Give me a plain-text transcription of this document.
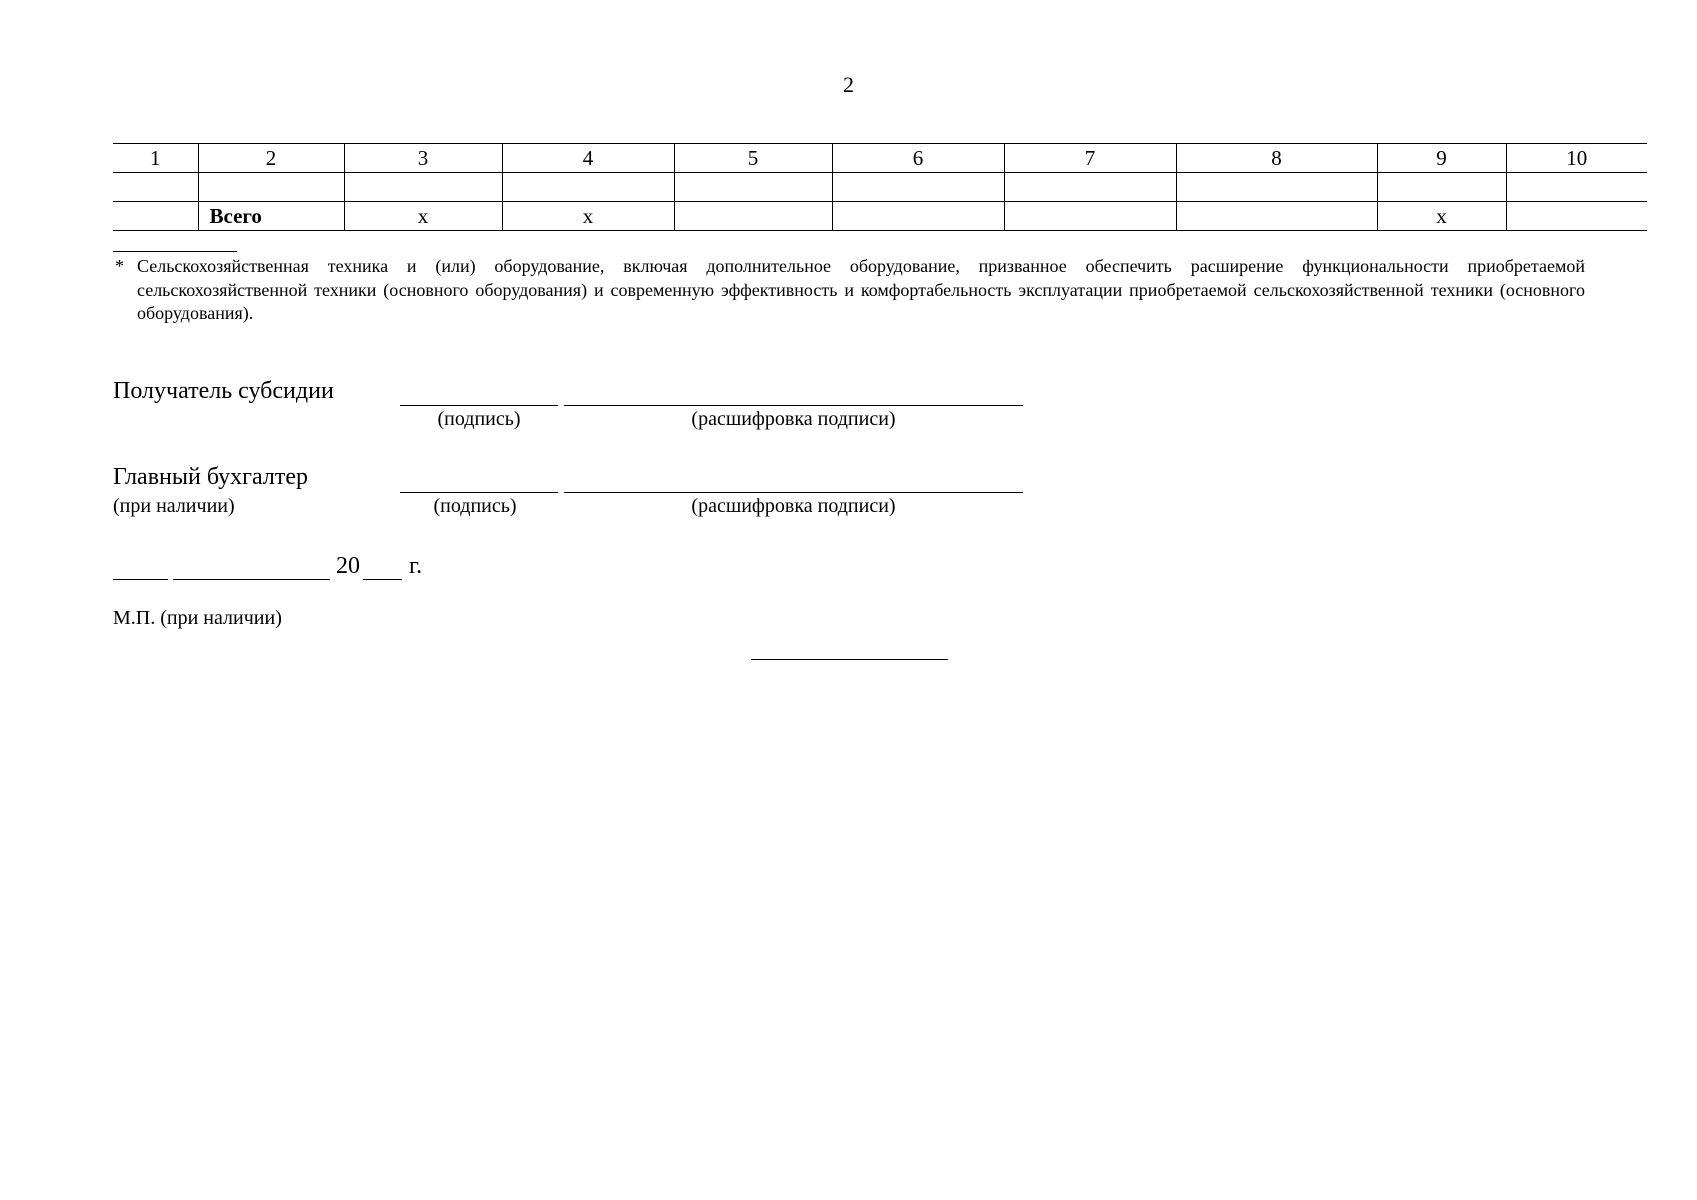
2
1	2	3	4	5	6	7	8	9	10

	Всего	х	х					х	
* Сельскохозяйственная техника и (или) оборудование, включая дополнительное оборудование, призванное обеспечить расширение функциональности приобретаемой сельскохозяйственной техники (основного оборудования) и современную эффективность и комфортабельность эксплуатации приобретаемой сельскохозяйственной техники (основного оборудования).
Получатель субсидии
(подпись)	(расшифровка подписи)
Главный бухгалтер
(при наличии)	(подпись)	(расшифровка подписи)
20 г.
М.П. (при наличии)
